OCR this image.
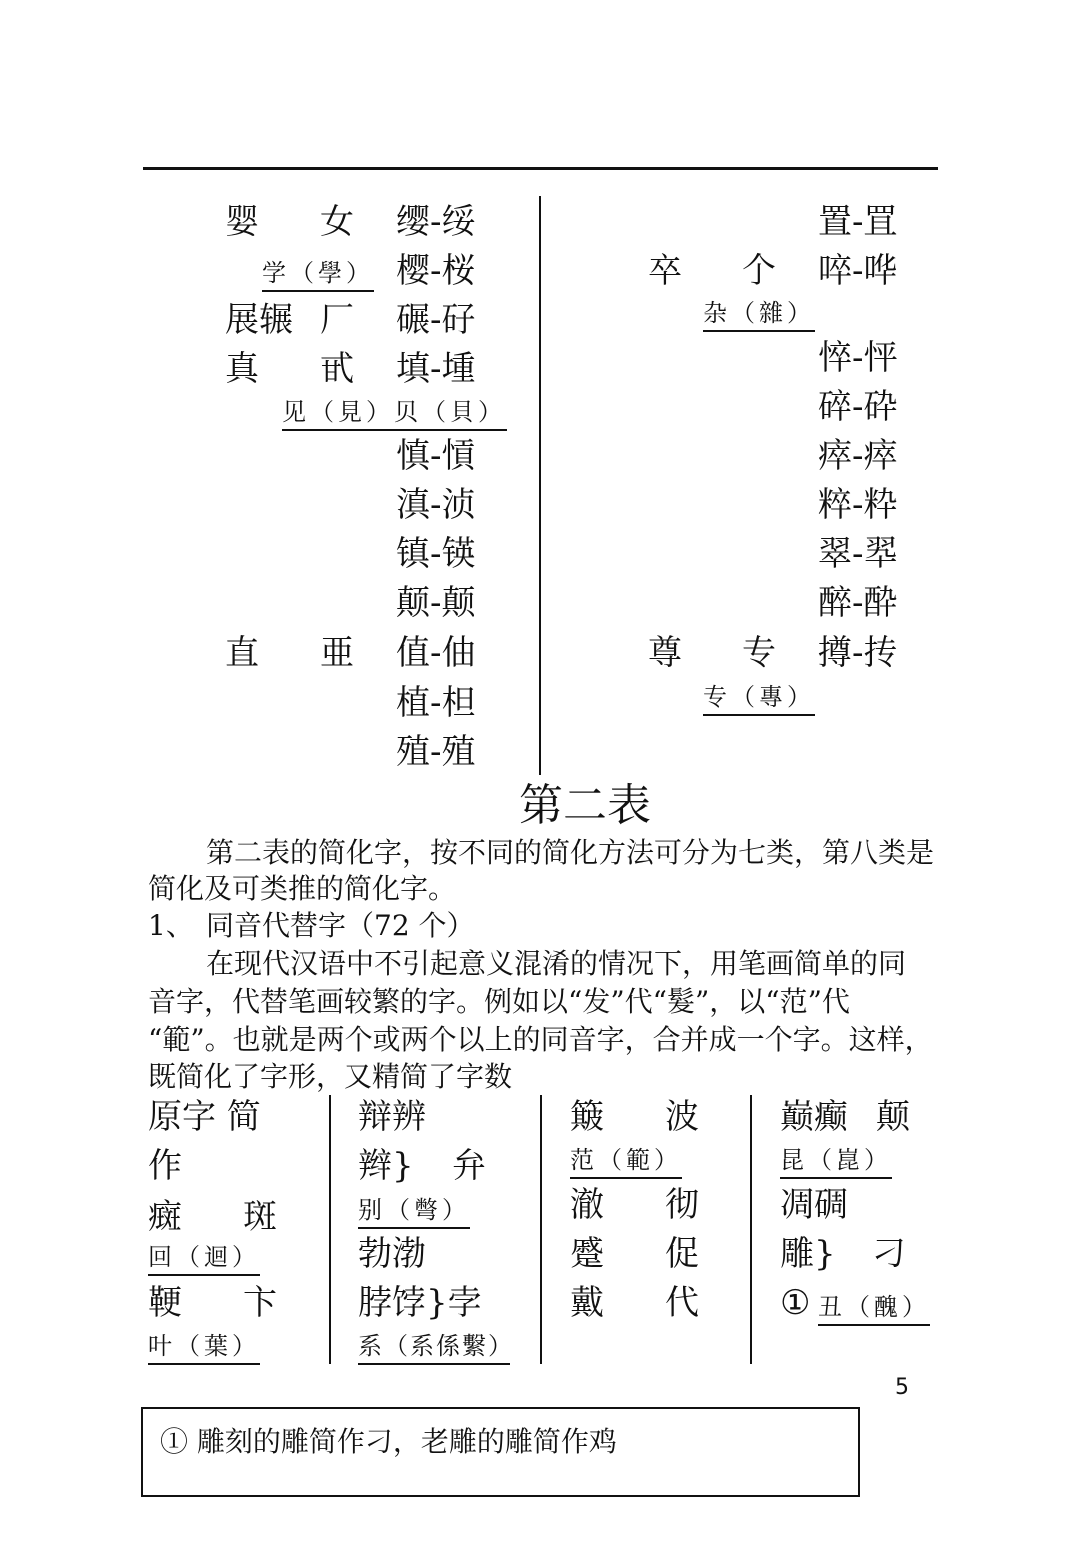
婴 女 缨-绥
学（學） 樱-桜
展辗 厂 碾-矷
真 甙 填-堹
见（見）贝（貝）
慎-愩
滇-浈
镇-锳
颠-颠
直 亜 值-伷
植-柦
殖-殖
置-罝
卒 𠆤 啐-哗
杂（雜）
悴-怦
碎-砕
瘁-瘁
粹-粋
翠-翆
醉-酔
尊 专 撙-抟
专（專）
第二表
第二表的简化字，按不同的简化方法可分为七类，第八类是
简化及可类推的简化字。
1、 同音代替字（72 个）
在现代汉语中不引起意义混淆的情况下，用笔画简单的同
音字，代替笔画较繁的字。例如以“发”代“髮”，以“范”代
“範”。也就是两个或两个以上的同音字，合并成一个字。这样，
既简化了字形，又精简了字数
原字 简
作
癍 斑
回（迴）
鞕 卞
叶（葉）
辩辨
辫} 弁
别（彆）
勃渤
脖饽}孛
系（系係繫）
簸 波
范（範）
澈 彻
蹙 促
戴 代
巅癫 颠
昆（崑）
凋碉
雕} 刁
① 丑（醜）
5
① 雕刻的雕简作刁，老雕的雕简作鸡
